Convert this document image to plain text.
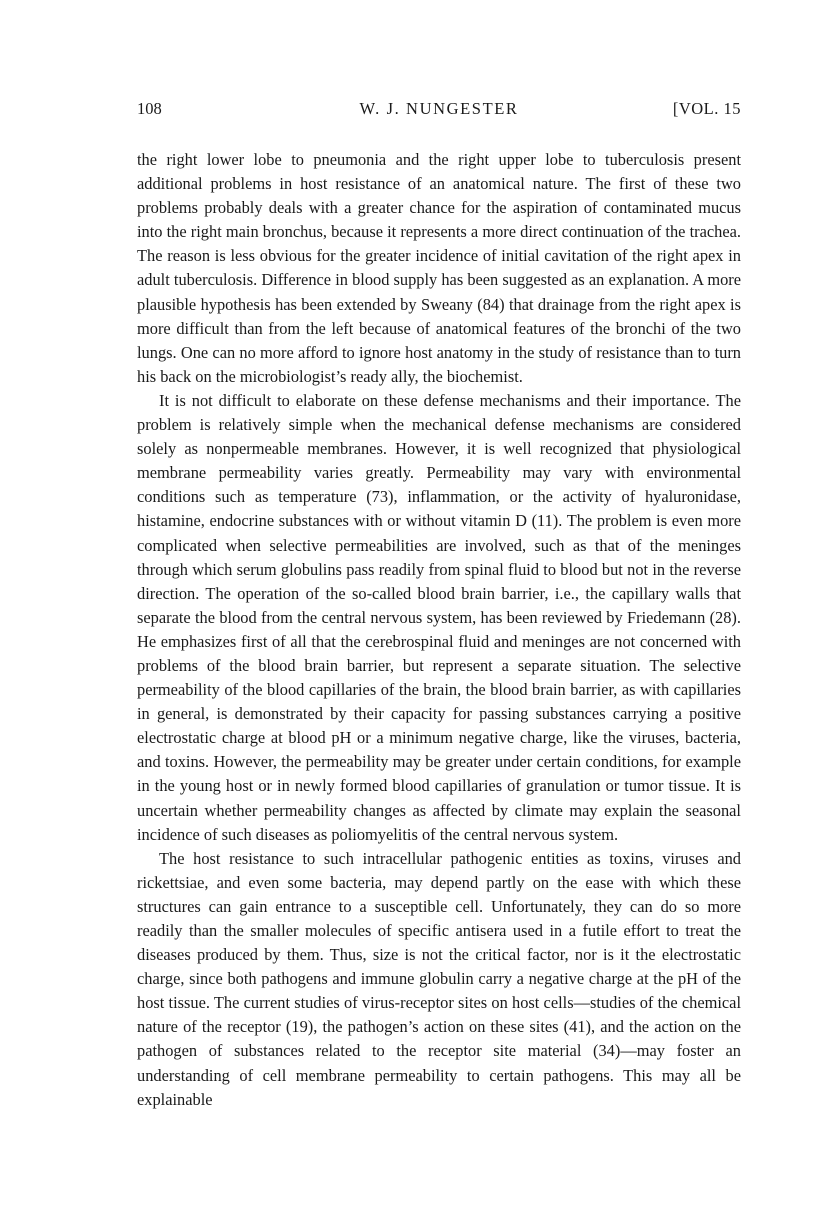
108	W. J. NUNGESTER	[VOL. 15

the right lower lobe to pneumonia and the right upper lobe to tuberculosis present additional problems in host resistance of an anatomical nature. The first of these two problems probably deals with a greater chance for the aspiration of contaminated mucus into the right main bronchus, because it represents a more direct continuation of the trachea. The reason is less obvious for the greater incidence of initial cavitation of the right apex in adult tuberculosis. Difference in blood supply has been suggested as an explanation. A more plausible hypothesis has been extended by Sweany (84) that drainage from the right apex is more difficult than from the left because of anatomical features of the bronchi of the two lungs. One can no more afford to ignore host anatomy in the study of resistance than to turn his back on the microbiologist’s ready ally, the biochemist.

It is not difficult to elaborate on these defense mechanisms and their importance. The problem is relatively simple when the mechanical defense mechanisms are considered solely as nonpermeable membranes. However, it is well recognized that physiological membrane permeability varies greatly. Permeability may vary with environmental conditions such as temperature (73), inflammation, or the activity of hyaluronidase, histamine, endocrine substances with or without vitamin D (11). The problem is even more complicated when selective permeabilities are involved, such as that of the meninges through which serum globulins pass readily from spinal fluid to blood but not in the reverse direction. The operation of the so-called blood brain barrier, i.e., the capillary walls that separate the blood from the central nervous system, has been reviewed by Friedemann (28). He emphasizes first of all that the cerebrospinal fluid and meninges are not concerned with problems of the blood brain barrier, but represent a separate situation. The selective permeability of the blood capillaries of the brain, the blood brain barrier, as with capillaries in general, is demonstrated by their capacity for passing substances carrying a positive electrostatic charge at blood pH or a minimum negative charge, like the viruses, bacteria, and toxins. However, the permeability may be greater under certain conditions, for example in the young host or in newly formed blood capillaries of granulation or tumor tissue. It is uncertain whether permeability changes as affected by climate may explain the seasonal incidence of such diseases as poliomyelitis of the central nervous system.

The host resistance to such intracellular pathogenic entities as toxins, viruses and rickettsiae, and even some bacteria, may depend partly on the ease with which these structures can gain entrance to a susceptible cell. Unfortunately, they can do so more readily than the smaller molecules of specific antisera used in a futile effort to treat the diseases produced by them. Thus, size is not the critical factor, nor is it the electrostatic charge, since both pathogens and immune globulin carry a negative charge at the pH of the host tissue. The current studies of virus-receptor sites on host cells—studies of the chemical nature of the receptor (19), the pathogen’s action on these sites (41), and the action on the pathogen of substances related to the receptor site material (34)—may foster an understanding of cell membrane permeability to certain pathogens. This may all be explainable
